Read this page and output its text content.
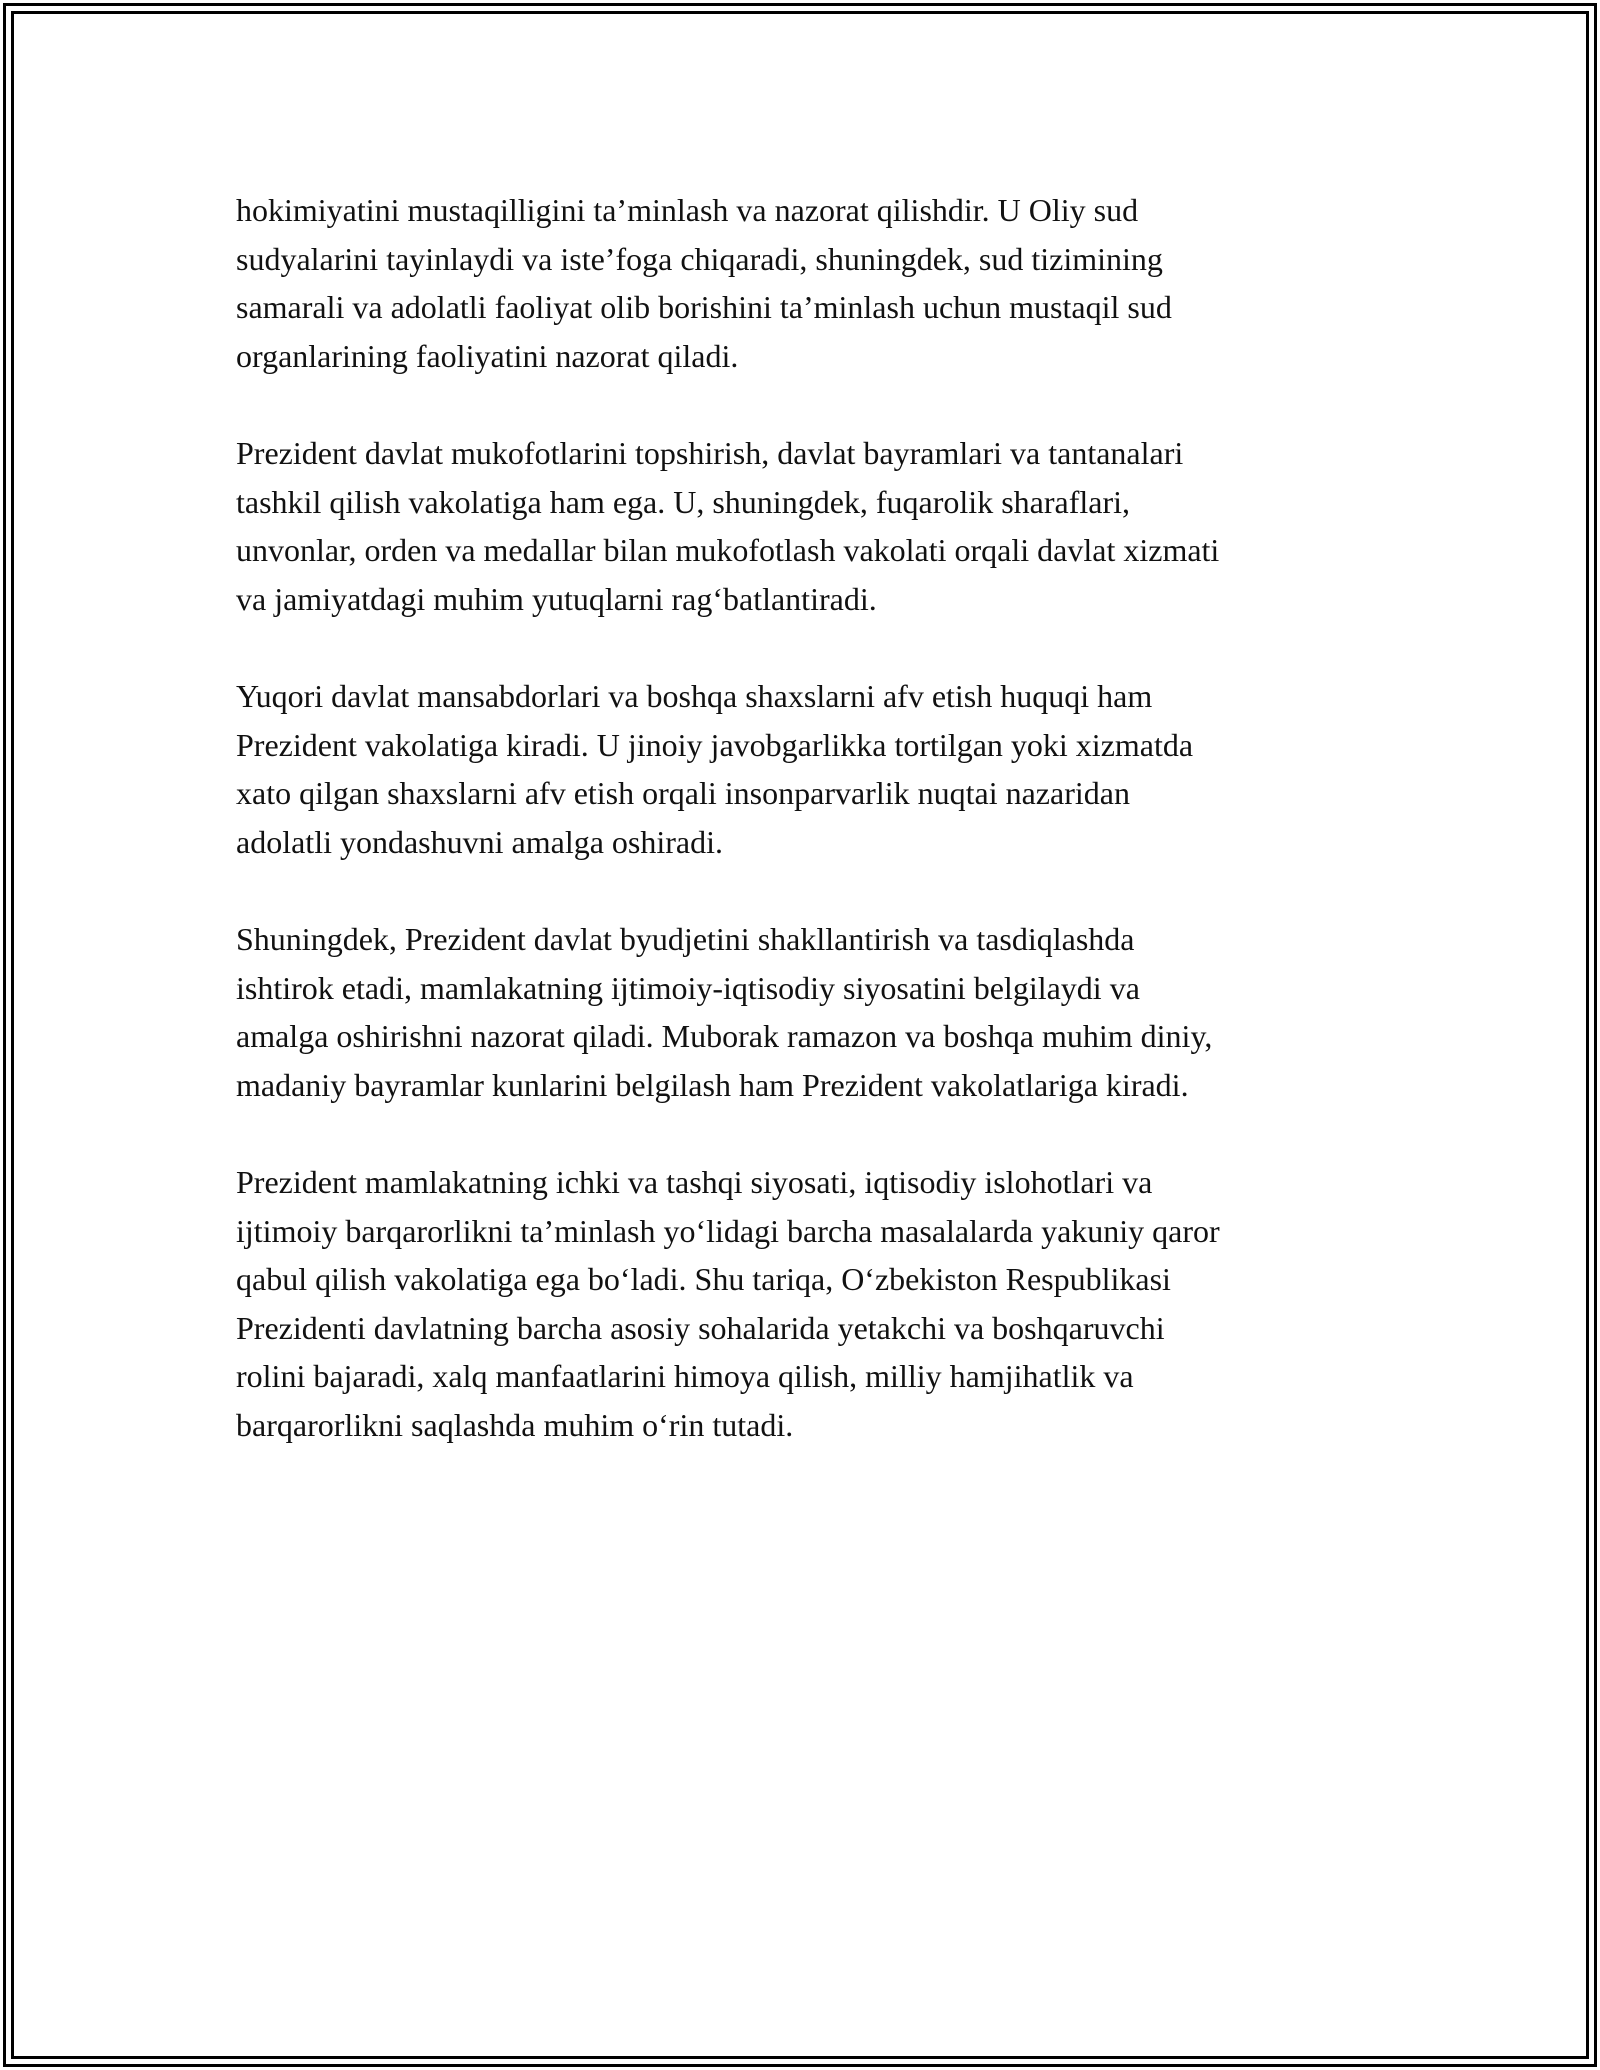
hokimiyatini mustaqilligini ta’minlash va nazorat qilishdir. U Oliy sud
sudyalarini tayinlaydi va iste’foga chiqaradi, shuningdek, sud tizimining
samarali va adolatli faoliyat olib borishini ta’minlash uchun mustaqil sud
organlarining faoliyatini nazorat qiladi.

Prezident davlat mukofotlarini topshirish, davlat bayramlari va tantanalari
tashkil qilish vakolatiga ham ega. U, shuningdek, fuqarolik sharaflari,
unvonlar, orden va medallar bilan mukofotlash vakolati orqali davlat xizmati
va jamiyatdagi muhim yutuqlarni rag‘batlantiradi.

Yuqori davlat mansabdorlari va boshqa shaxslarni afv etish huquqi ham
Prezident vakolatiga kiradi. U jinoiy javobgarlikka tortilgan yoki xizmatda
xato qilgan shaxslarni afv etish orqali insonparvarlik nuqtai nazaridan
adolatli yondashuvni amalga oshiradi.

Shuningdek, Prezident davlat byudjetini shakllantirish va tasdiqlashda
ishtirok etadi, mamlakatning ijtimoiy-iqtisodiy siyosatini belgilaydi va
amalga oshirishni nazorat qiladi. Muborak ramazon va boshqa muhim diniy,
madaniy bayramlar kunlarini belgilash ham Prezident vakolatlariga kiradi.

Prezident mamlakatning ichki va tashqi siyosati, iqtisodiy islohotlari va
ijtimoiy barqarorlikni ta’minlash yo‘lidagi barcha masalalarda yakuniy qaror
qabul qilish vakolatiga ega bo‘ladi. Shu tariqa, O‘zbekiston Respublikasi
Prezidenti davlatning barcha asosiy sohalarida yetakchi va boshqaruvchi
rolini bajaradi, xalq manfaatlarini himoya qilish, milliy hamjihatlik va
barqarorlikni saqlashda muhim o‘rin tutadi.
